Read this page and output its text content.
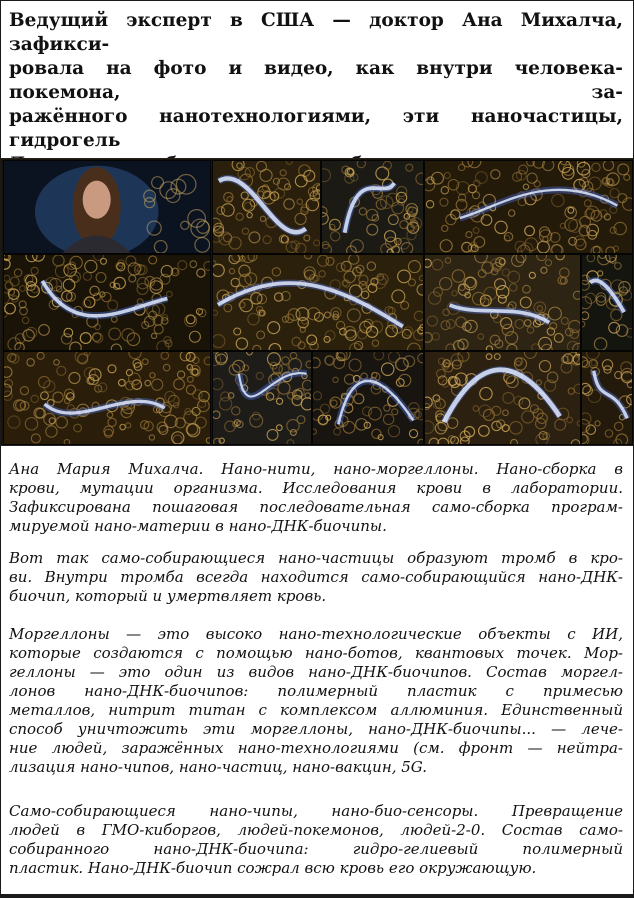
Ведущий эксперт в США — доктор Ана Михалча, зафикси-
ровала на фото и видео, как внутри человека-покемона, за-
ражённого нанотехнологиями, эти наночастицы, гидрогель
Ана Мария Михалча. Нано-нити, нано-моргеллоны. Нано-сборка в
крови, мутации организма. Исследования крови в лаборатории.
Зафиксирована пошаговая последовательная само-сборка програм-
мируемой нано-материи в нано-ДНК-биочипы.
Вот так само-собирающиеся нано-частицы образуют тромб в кро-
ви. Внутри тромба всегда находится само-собирающийся нано-ДНК-
биочип, который и умертвляет кровь.
Моргеллоны — это высоко нано-технологические объекты с ИИ,
которые создаются с помощью нано-ботов, квантовых точек. Мор-
геллоны — это один из видов нано-ДНК-биочипов. Состав моргел-
лонов нано-ДНК-биочипов: полимерный пластик с примесью
металлов, нитрит титан с комплексом аллюминия. Единственный
способ уничтожить эти моргеллоны, нано-ДНК-биочипы... — лече-
ние людей, заражённых нано-технологиями (см. фронт — нейтра-
лизация нано-чипов, нано-частиц, нано-вакцин, 5G.
Само-собирающиеся нано-чипы, нано-био-сенсоры. Превращение
людей в ГМО-киборгов, людей-покемонов, людей-2-0. Состав само-
собиранного нано-ДНК-биочипа: гидро-гелиевый полимерный
пластик. Нано-ДНК-биочип сожрал всю кровь его окружающую.
